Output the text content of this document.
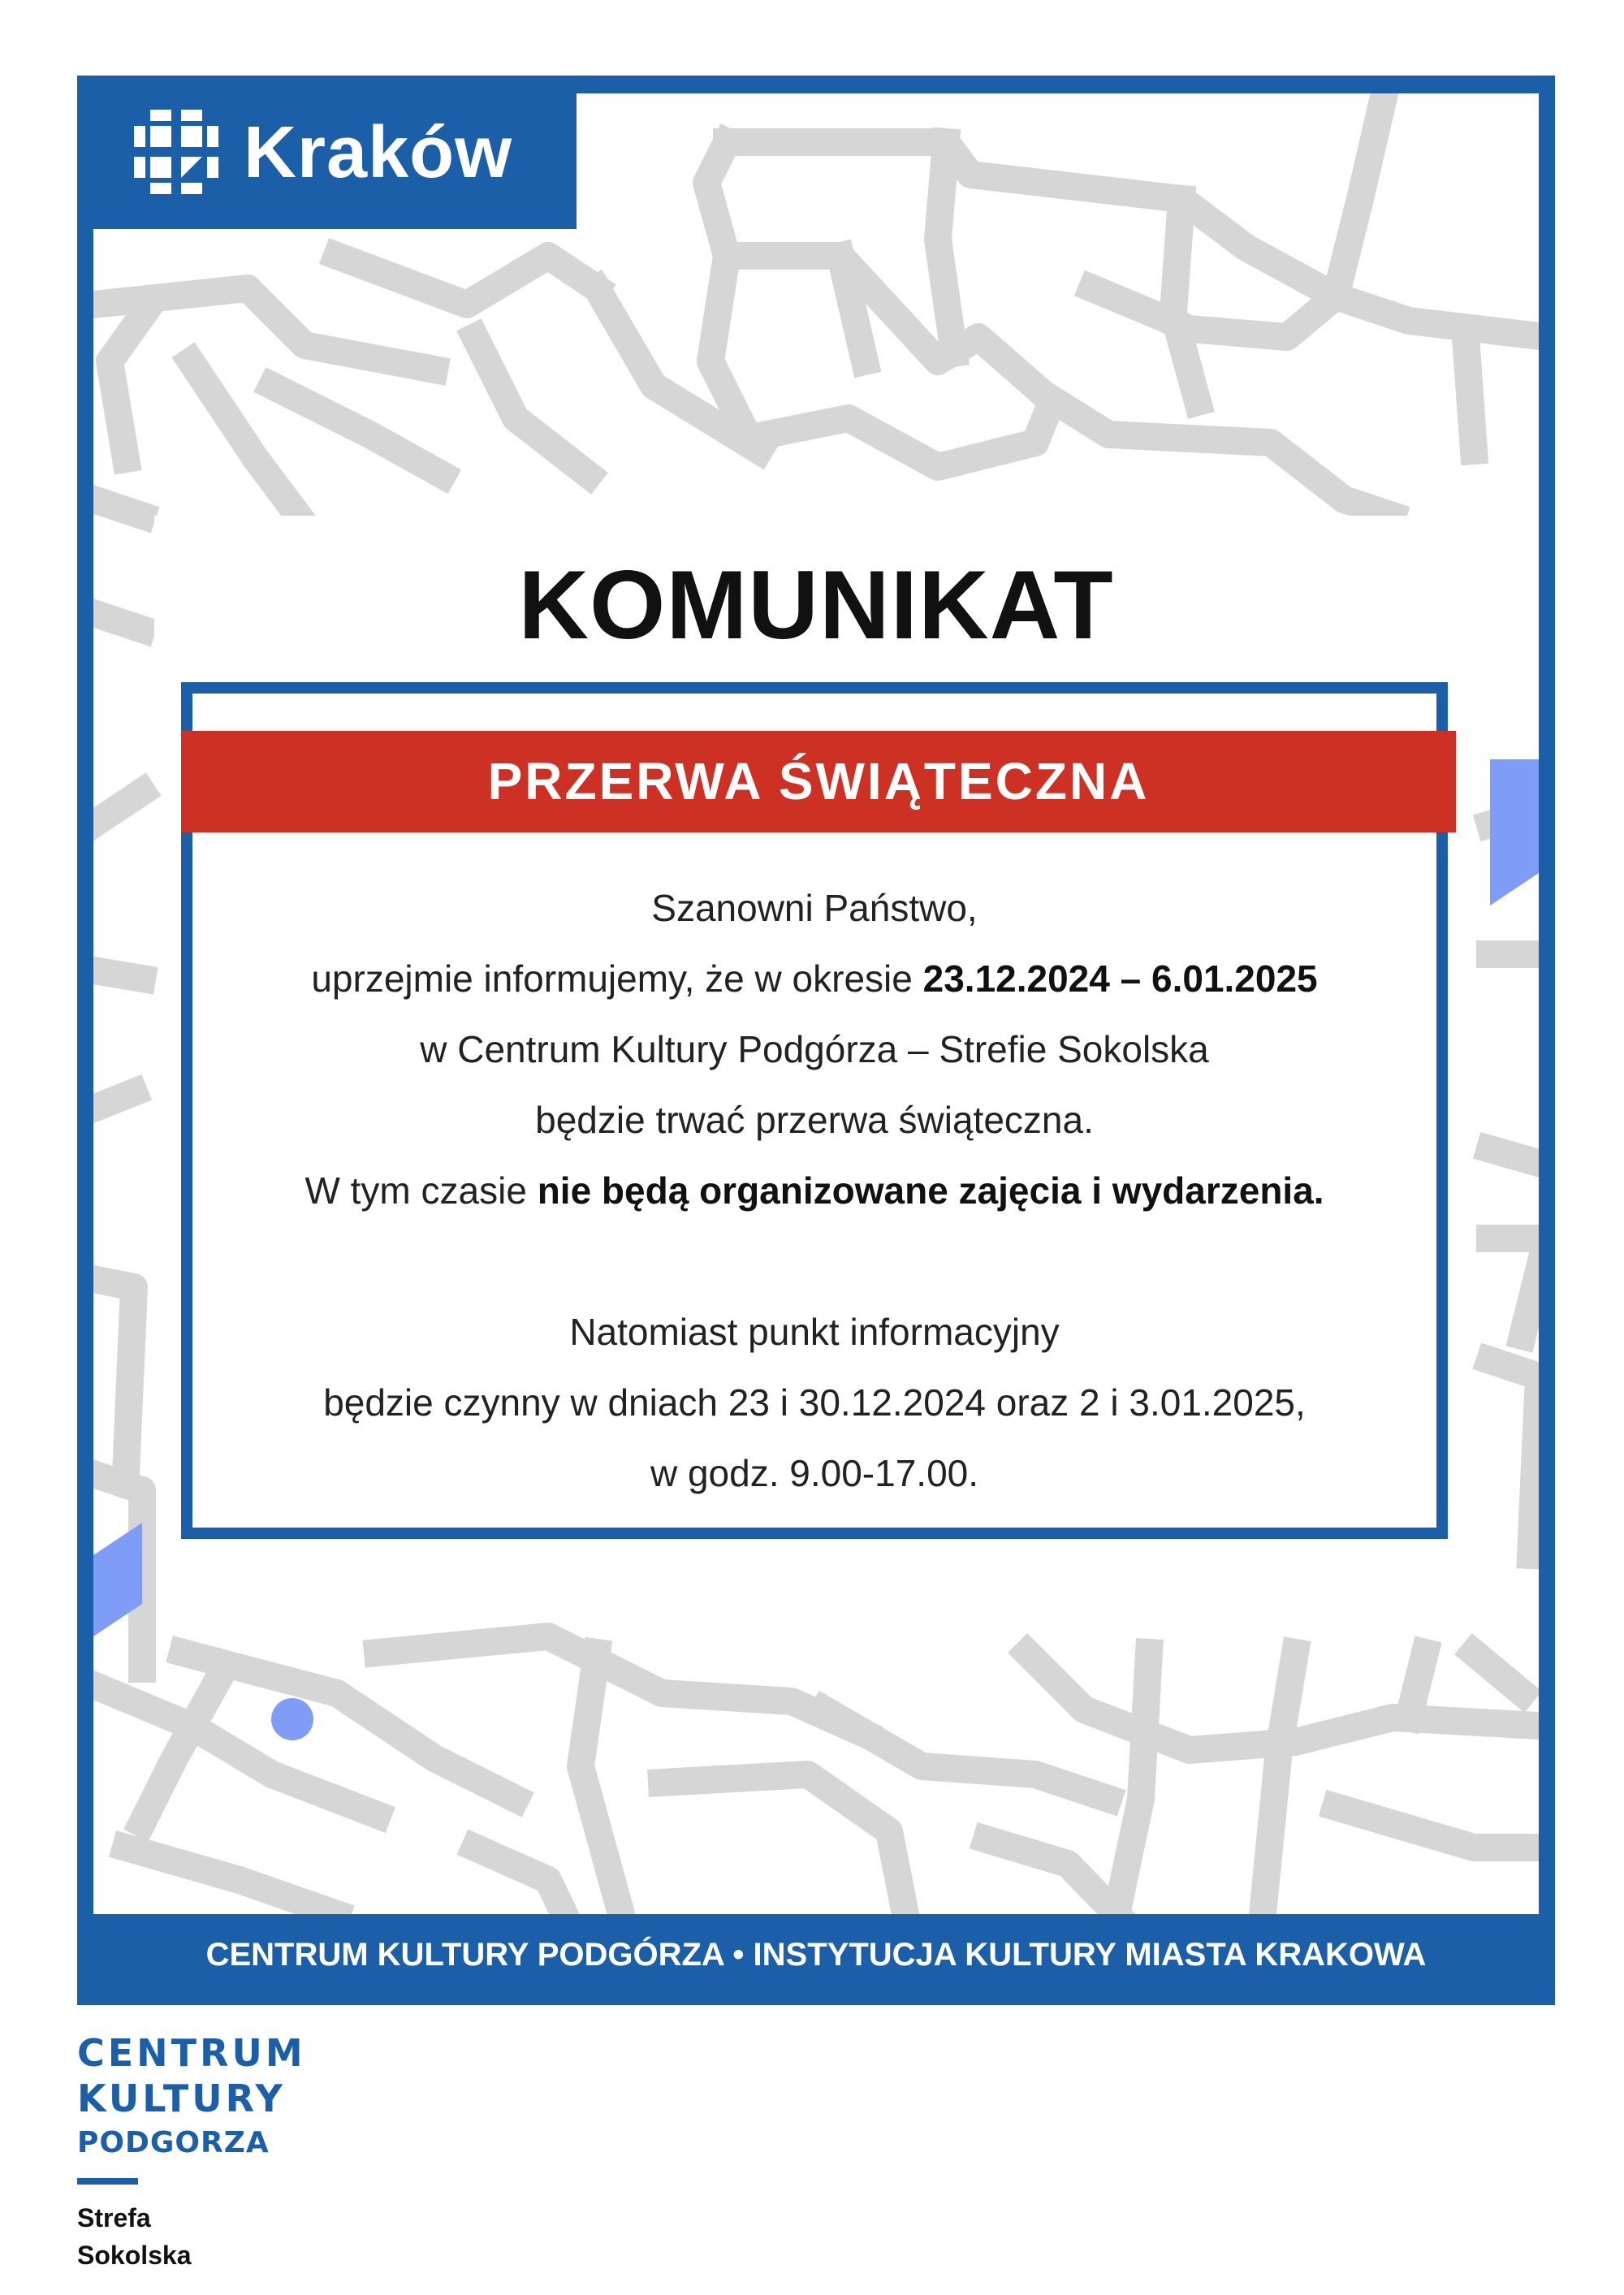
Kraków
KOMUNIKAT
PRZERWA ŚWIĄTECZNA

Szanowni Państwo,

uprzejmie informujemy, że w okresie 23.12.2024 – 6.01.2025

w Centrum Kultury Podgórza – Strefie Sokolska

będzie trwać przerwa świąteczna.

W tym czasie nie będą organizowane zajęcia i wydarzenia.

Natomiast punkt informacyjny

będzie czynny w dniach 23 i 30.12.2024 oraz 2 i 3.01.2025,

w godz. 9.00-17.00.

CENTRUM KULTURY PODGÓRZA • INSTYTUCJA KULTURY MIASTA KRAKOWA
CENTRUM
KULTURY
PODGORZA
Strefa
Sokolska
